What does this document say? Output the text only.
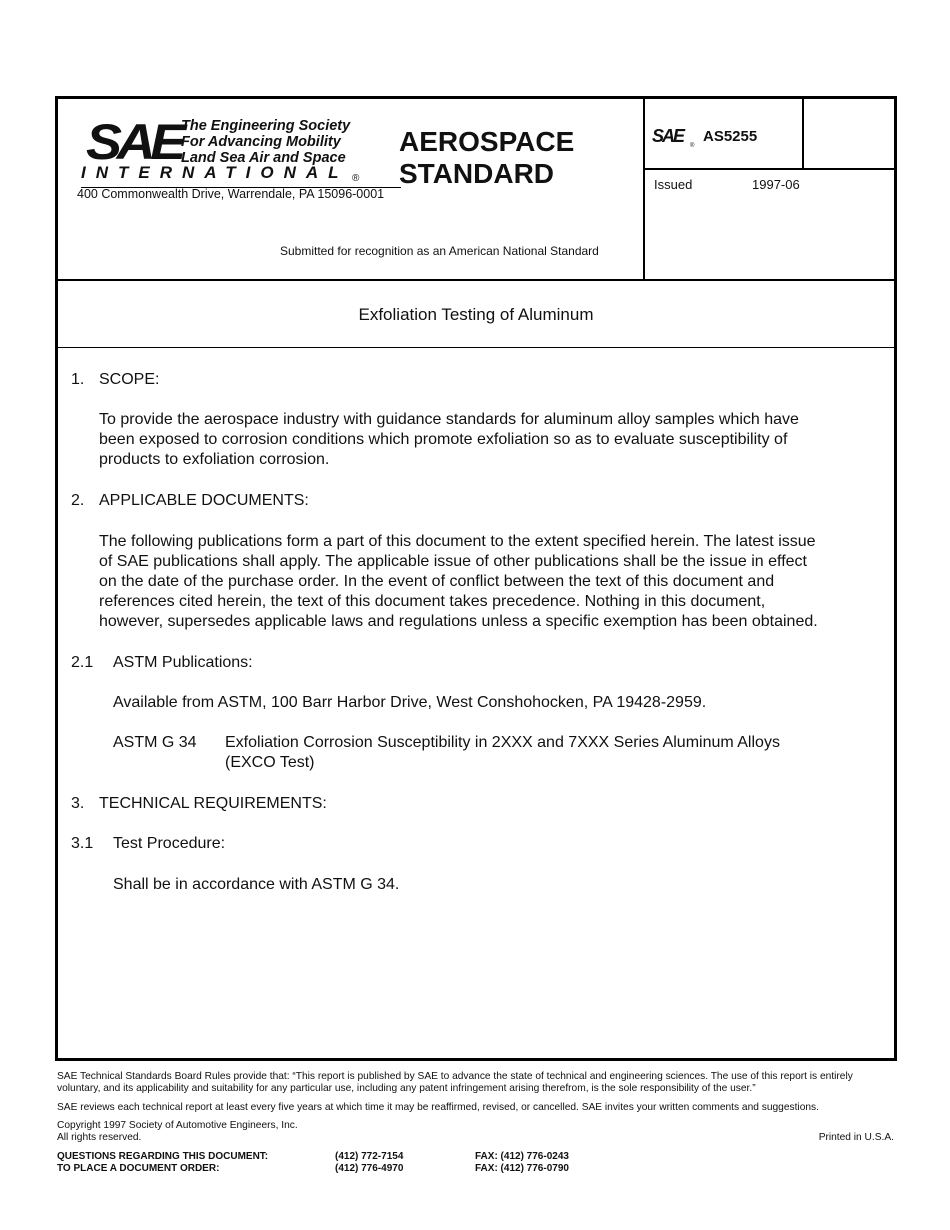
SAE The Engineering Society
For Advancing Mobility
Land Sea Air and Space
®
INTERNATIONAL
400 Commonwealth Drive, Warrendale, PA 15096-0001
AEROSPACE
STANDARD
Submitted for recognition as an American National Standard
SAE ®
AS5255
Issued	1997-06
Exfoliation Testing of Aluminum
1. SCOPE:
To provide the aerospace industry with guidance standards for aluminum alloy samples which have
been exposed to corrosion conditions which promote exfoliation so as to evaluate susceptibility of
products to exfoliation corrosion.
2. APPLICABLE DOCUMENTS:
The following publications form a part of this document to the extent specified herein. The latest issue
of SAE publications shall apply. The applicable issue of other publications shall be the issue in effect
on the date of the purchase order. In the event of conflict between the text of this document and
references cited herein, the text of this document takes precedence. Nothing in this document,
however, supersedes applicable laws and regulations unless a specific exemption has been obtained.
2.1 ASTM Publications:
Available from ASTM, 100 Barr Harbor Drive, West Conshohocken, PA 19428-2959.
ASTM G 34 Exfoliation Corrosion Susceptibility in 2XXX and 7XXX Series Aluminum Alloys
(EXCO Test)
3. TECHNICAL REQUIREMENTS:
3.1 Test Procedure:
Shall be in accordance with ASTM G 34.
SAE Technical Standards Board Rules provide that: “This report is published by SAE to advance the state of technical and engineering sciences. The use of this report is entirely voluntary, and its applicability and suitability for any particular use, including any patent infringement arising therefrom, is the sole responsibility of the user.”
SAE reviews each technical report at least every five years at which time it may be reaffirmed, revised, or cancelled. SAE invites your written comments and suggestions.
Copyright 1997 Society of Automotive Engineers, Inc.
All rights reserved.	Printed in U.S.A.
QUESTIONS REGARDING THIS DOCUMENT:	(412) 772-7154	FAX: (412) 776-0243
TO PLACE A DOCUMENT ORDER:	(412) 776-4970	FAX: (412) 776-0790
